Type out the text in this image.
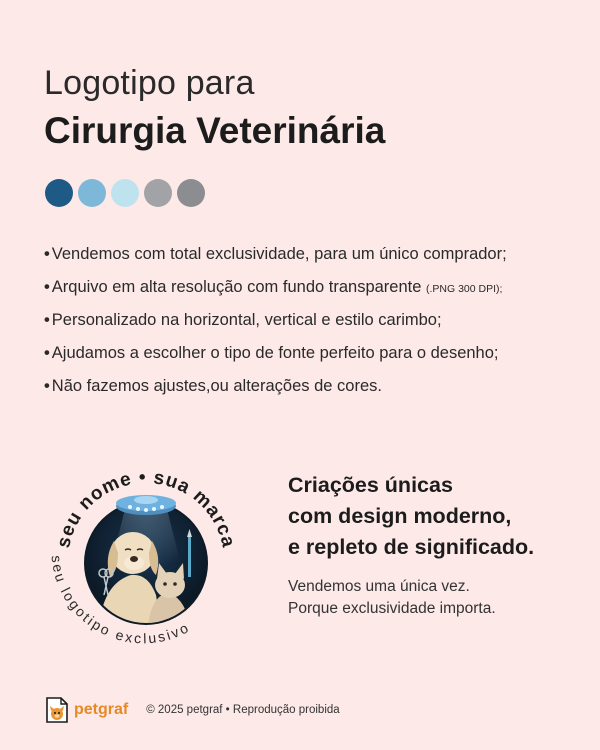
Logotipo para
Cirurgia Veterinária
• Vendemos com total exclusividade, para um único comprador;
• Arquivo em alta resolução com fundo transparente (.PNG 300 DPI);
• Personalizado na horizontal, vertical e estilo carimbo;
• Ajudamos a escolher o tipo de fonte perfeito para o desenho;
• Não fazemos ajustes,ou alterações de cores.
seu nome • sua marca
seu logotipo exclusivo
Criações únicas
com design moderno,
e repleto de significado.
Vendemos uma única vez.
Porque exclusividade importa.
petgraf © 2025 petgraf • Reprodução proibida
